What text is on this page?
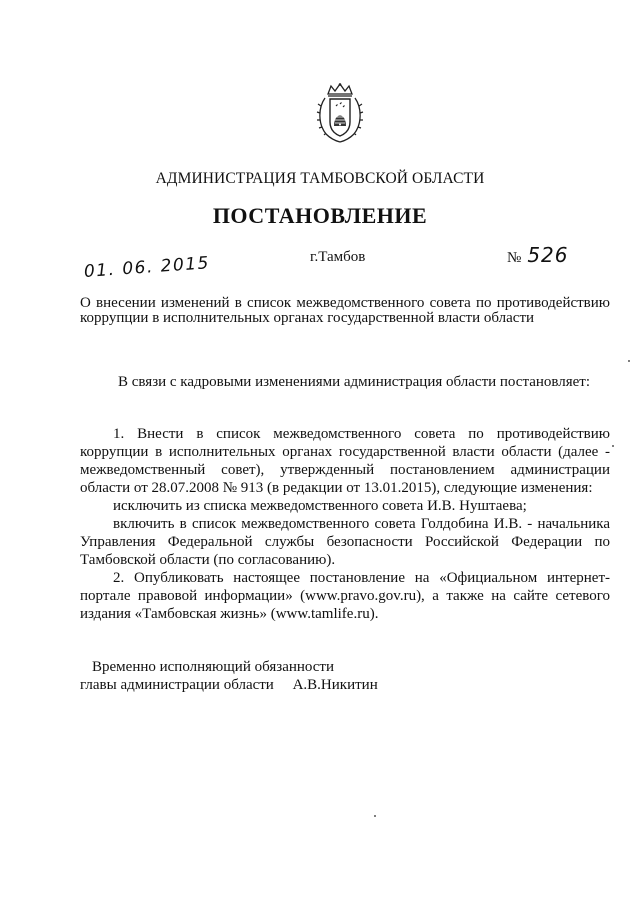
АДМИНИСТРАЦИЯ ТАМБОВСКОЙ ОБЛАСТИ
ПОСТАНОВЛЕНИЕ
г.Тамбов	№ 526
01. 06. 2015
О внесении изменений в список межведомственного совета по противодействию коррупции в исполнительных органах государственной власти области
В связи с кадровыми изменениями администрация области постановляет:
1. Внести в список межведомственного совета по противодействию коррупции в исполнительных органах государственной власти области (далее - межведомственный совет), утвержденный постановлением администрации области от 28.07.2008 № 913 (в редакции от 13.01.2015), следующие изменения:
исключить из списка межведомственного совета И.В. Нуштаева;
включить в список межведомственного совета Голдобина И.В. - начальника Управления Федеральной службы безопасности Российской Федерации по Тамбовской области (по согласованию).
2. Опубликовать настоящее постановление на «Официальном интернет-портале правовой информации» (www.pravo.gov.ru), а также на сайте сетевого издания «Тамбовская жизнь» (www.tamlife.ru).
Временно исполняющий обязанности
главы администрации области А.В.Никитин
